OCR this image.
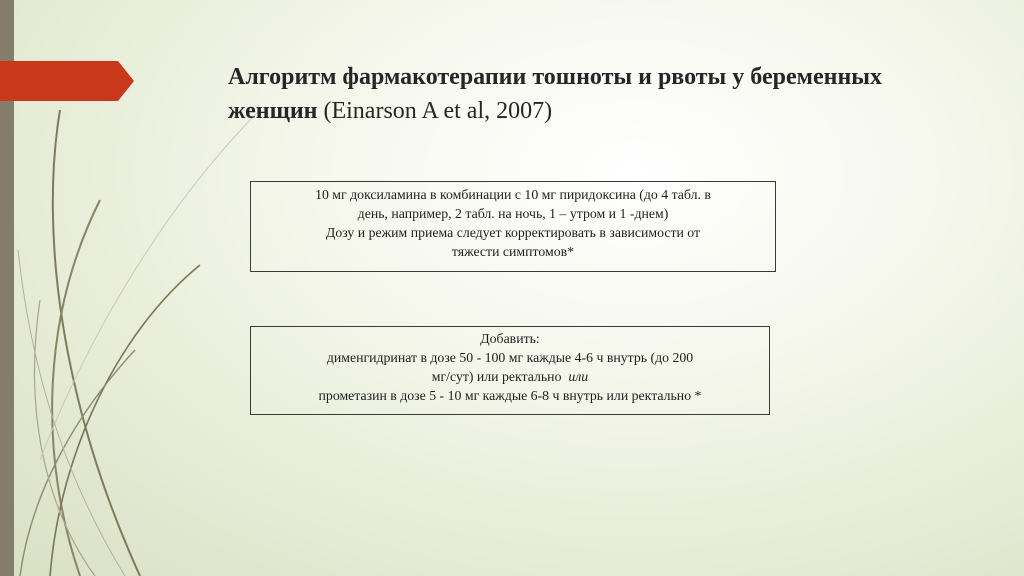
Алгоритм фармакотерапии тошноты и рвоты у беременных женщин (Einarson A et al, 2007)
10 мг доксиламина в комбинации с 10 мг пиридоксина (до 4 табл. в
день, например, 2 табл. на ночь, 1 – утром и 1 -днем)
Дозу и режим приема следует корректировать в зависимости от
тяжести симптомов*
Добавить:
дименгидринат в дозе 50 - 100 мг каждые 4-6 ч внутрь (до 200
мг/сут) или ректально или
прометазин в дозе 5 - 10 мг каждые 6-8 ч внутрь или ректально *
